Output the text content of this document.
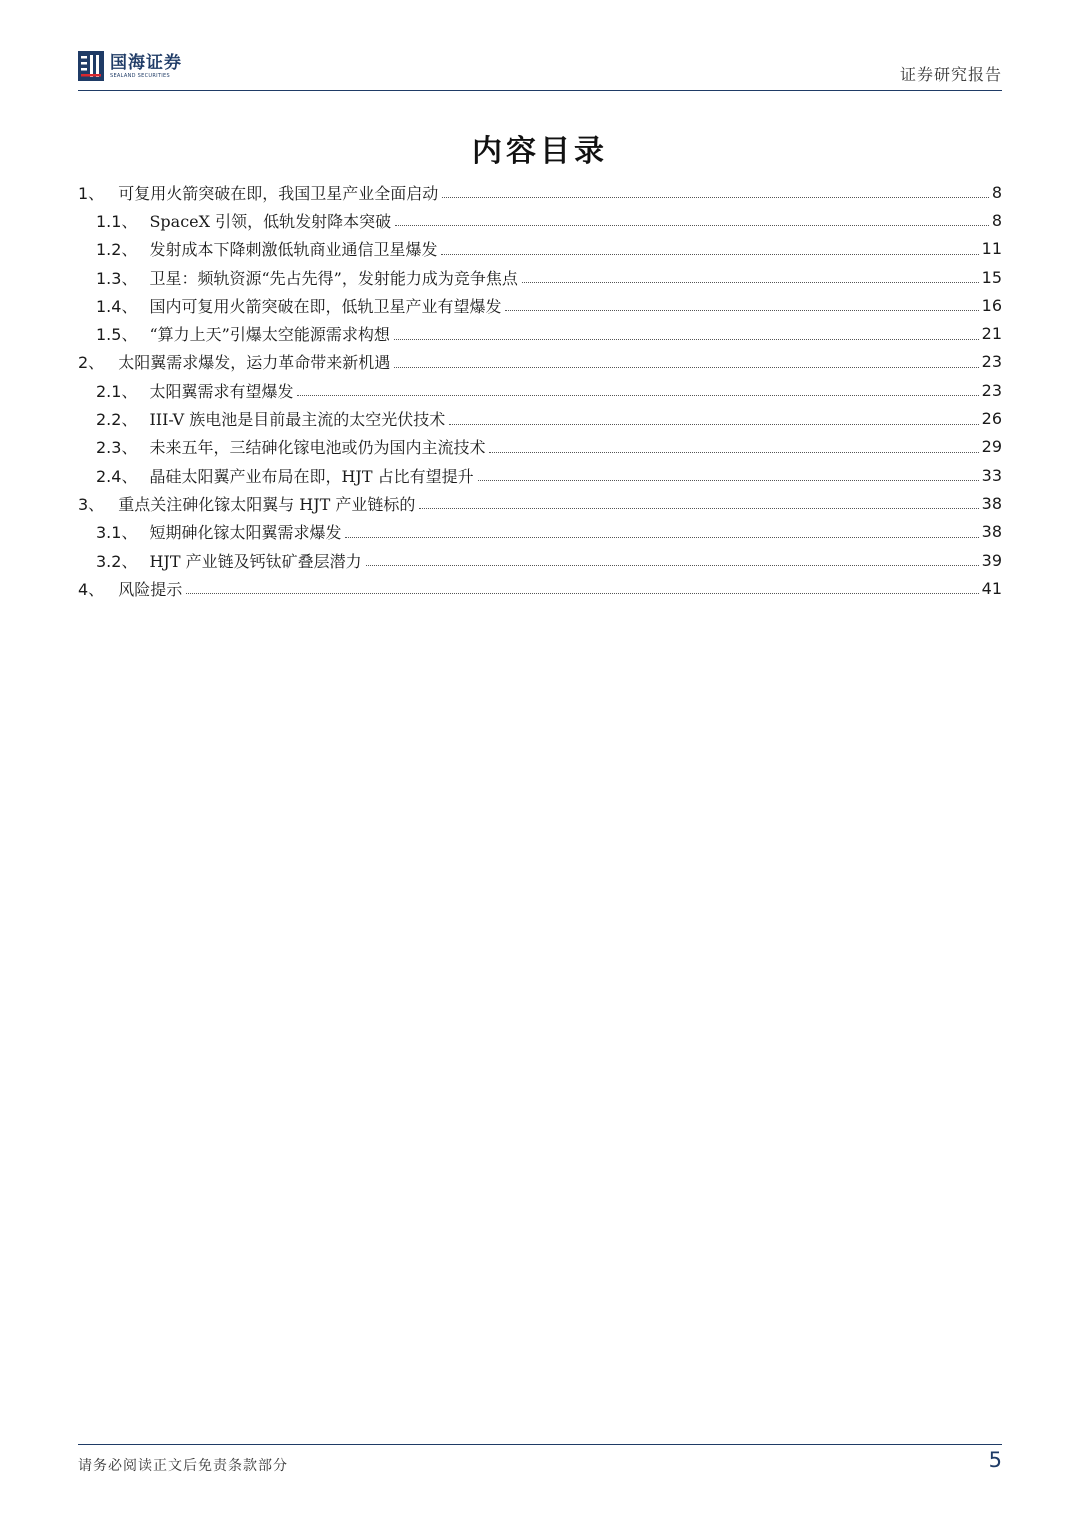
国海证券
SEALAND SECURITIES	证券研究报告
内容目录
1、 可复用火箭突破在即，我国卫星产业全面启动	8
1.1、 SpaceX 引领，低轨发射降本突破	8
1.2、 发射成本下降刺激低轨商业通信卫星爆发	11
1.3、 卫星：频轨资源“先占先得”，发射能力成为竞争焦点	15
1.4、 国内可复用火箭突破在即，低轨卫星产业有望爆发	16
1.5、 “算力上天”引爆太空能源需求构想	21
2、 太阳翼需求爆发，运力革命带来新机遇	23
2.1、 太阳翼需求有望爆发	23
2.2、 III-V 族电池是目前最主流的太空光伏技术	26
2.3、 未来五年，三结砷化镓电池或仍为国内主流技术	29
2.4、 晶硅太阳翼产业布局在即，HJT 占比有望提升	33
3、 重点关注砷化镓太阳翼与 HJT 产业链标的	38
3.1、 短期砷化镓太阳翼需求爆发	38
3.2、 HJT 产业链及钙钛矿叠层潜力	39
4、 风险提示	41
请务必阅读正文后免责条款部分	5
